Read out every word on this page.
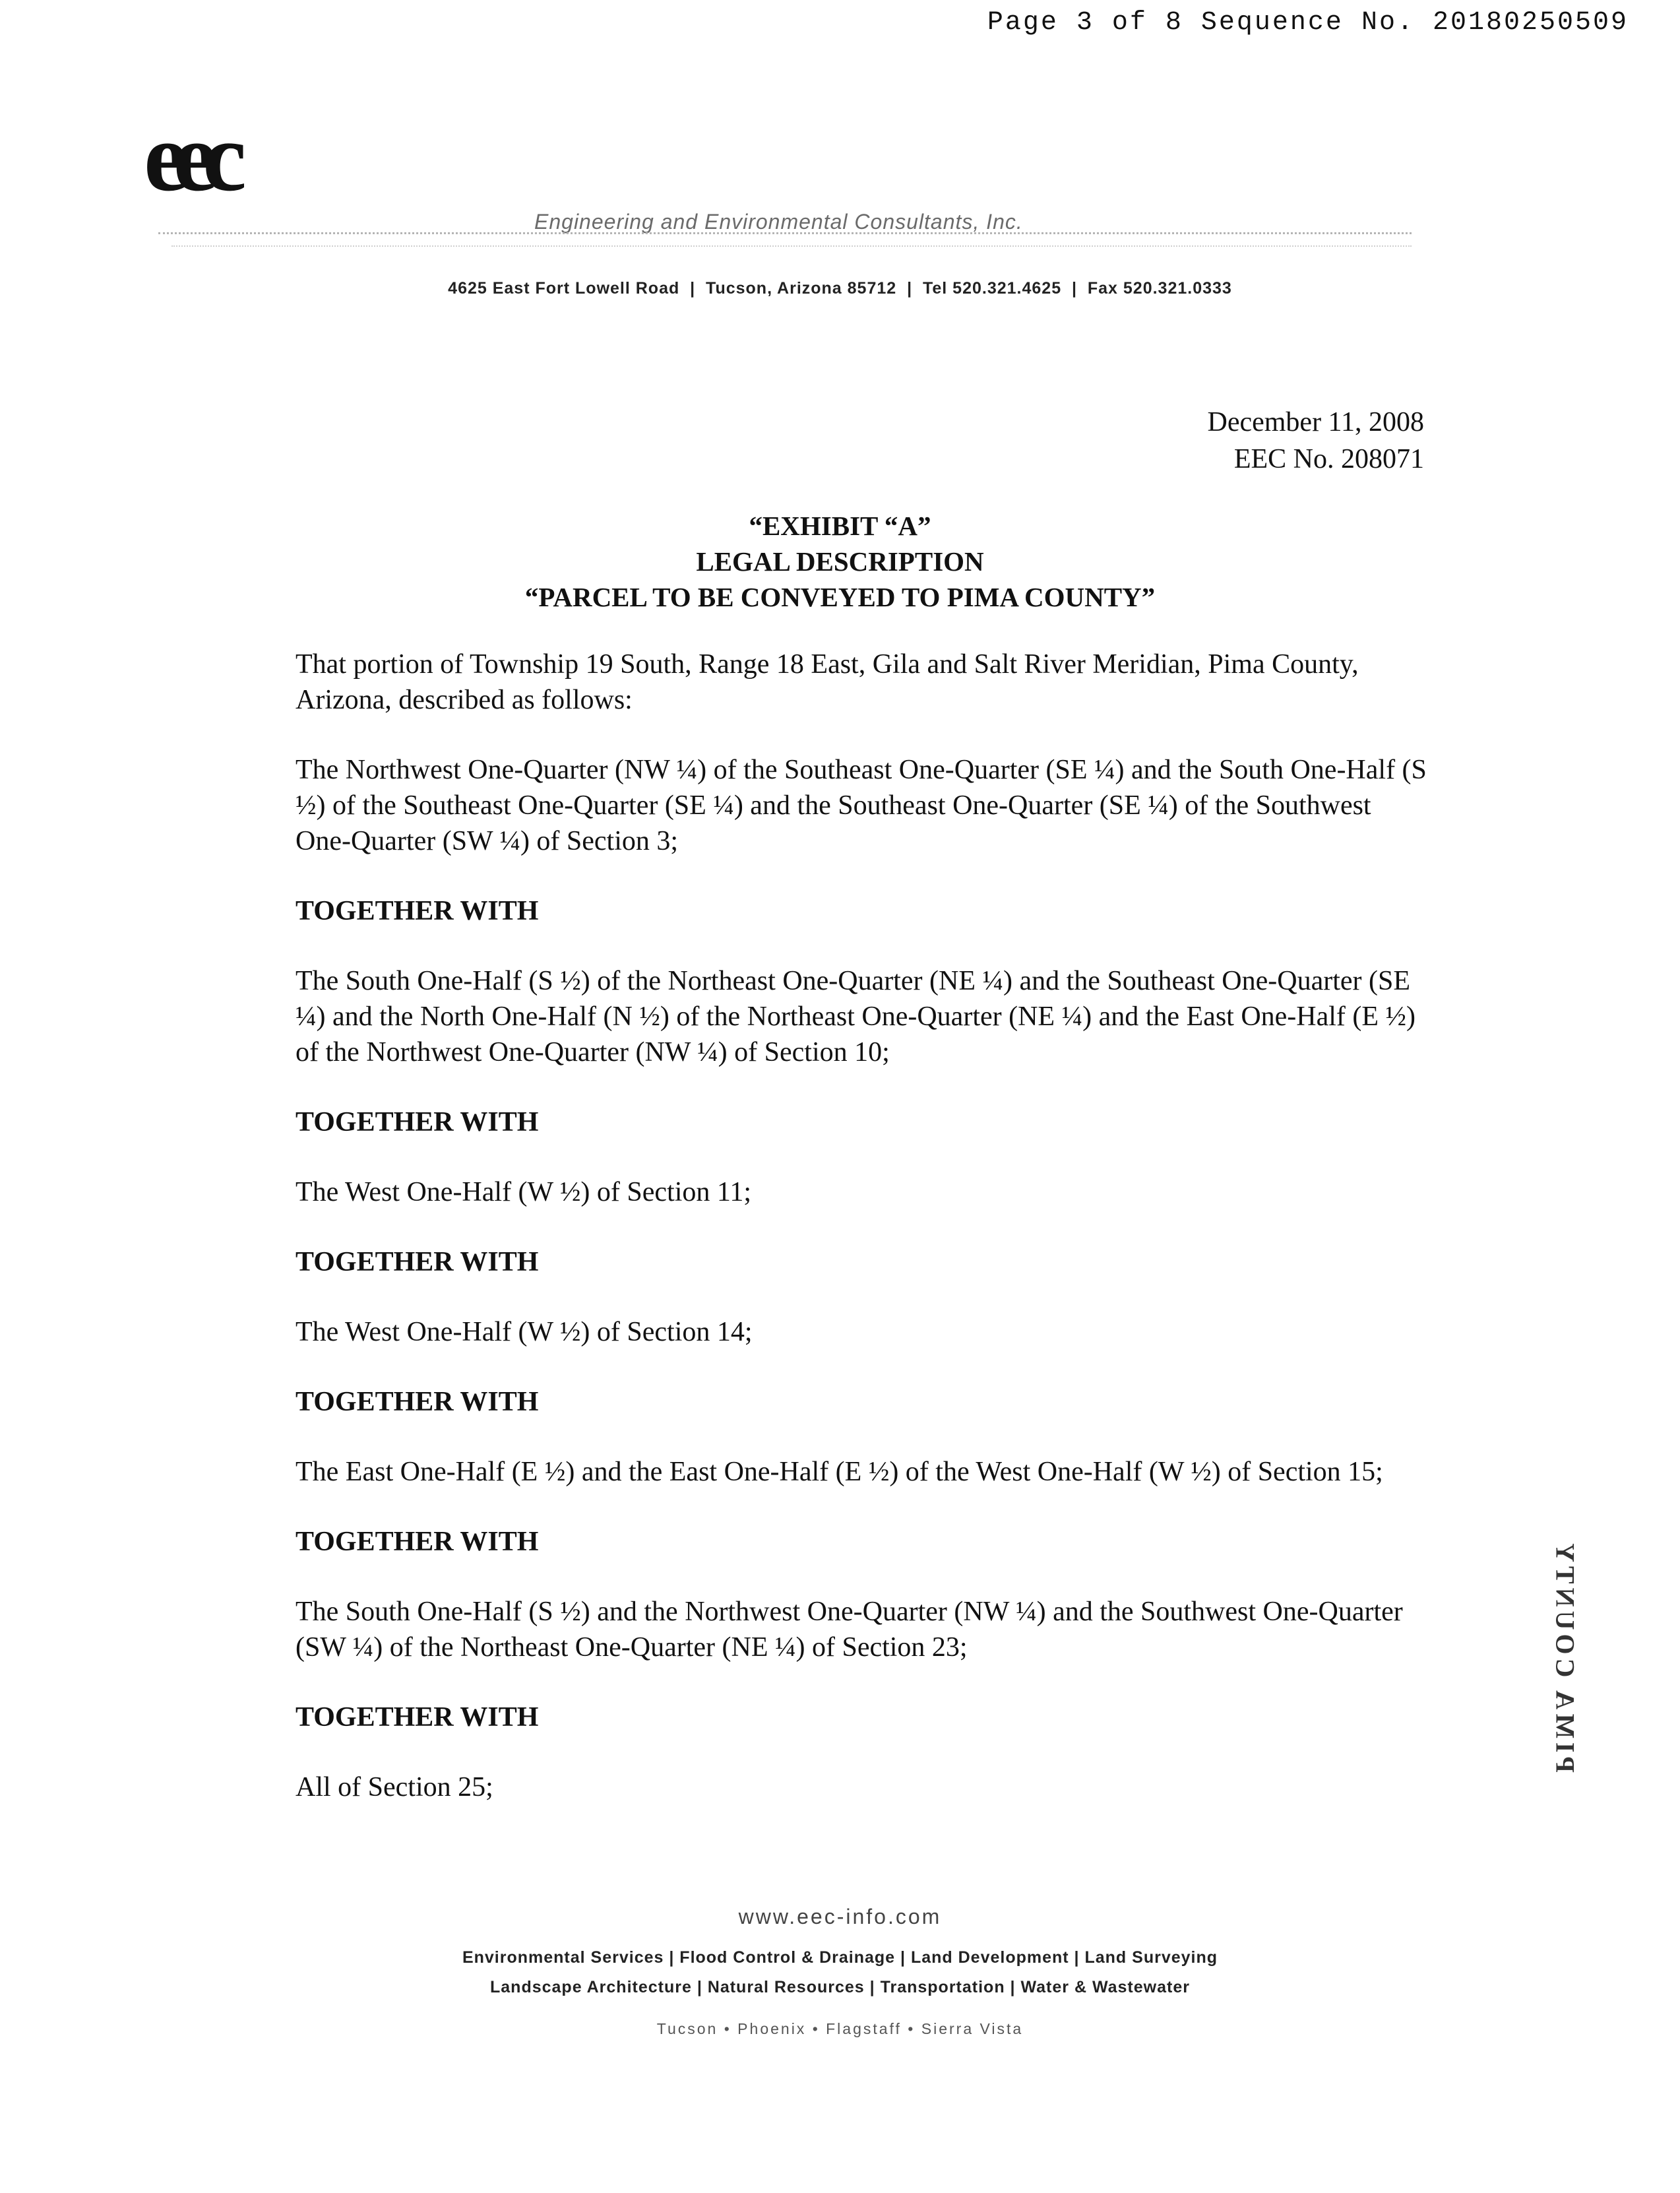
Page 3 of 8 Sequence No. 20180250509
eec
Engineering and Environmental Consultants, Inc.
4625 East Fort Lowell Road  |  Tucson, Arizona 85712  |  Tel 520.321.4625  |  Fax 520.321.0333
December 11, 2008
EEC No. 208071
“EXHIBIT “A”
LEGAL DESCRIPTION
“PARCEL TO BE CONVEYED TO PIMA COUNTY”

That portion of Township 19 South, Range 18 East, Gila and Salt River Meridian, Pima County, Arizona, described as follows:

The Northwest One-Quarter (NW ¼) of the Southeast One-Quarter (SE ¼) and the South One-Half (S ½) of the Southeast One-Quarter (SE ¼) and the Southeast One-Quarter (SE ¼) of the Southwest One-Quarter (SW ¼) of Section 3;

TOGETHER WITH

The South One-Half (S ½) of the Northeast One-Quarter (NE ¼) and the Southeast One-Quarter (SE ¼) and the North One-Half (N ½) of the Northeast One-Quarter (NE ¼) and the East One-Half (E ½) of the Northwest One-Quarter (NW ¼) of Section 10;

TOGETHER WITH

The West One-Half (W ½) of Section 11;

TOGETHER WITH

The West One-Half (W ½) of Section 14;

TOGETHER WITH

The East One-Half (E ½) and the East One-Half (E ½) of the West One-Half (W ½) of Section 15;

TOGETHER WITH

The South One-Half (S ½) and the Northwest One-Quarter (NW ¼) and the Southwest One-Quarter (SW ¼) of the Northeast One-Quarter (NE ¼) of Section 23;

TOGETHER WITH

All of Section 25;

www.eec-info.com
Environmental Services | Flood Control & Drainage | Land Development | Land Surveying
Landscape Architecture | Natural Resources | Transportation | Water & Wastewater
Tucson • Phoenix • Flagstaff • Sierra Vista
PIMA COUNTY
